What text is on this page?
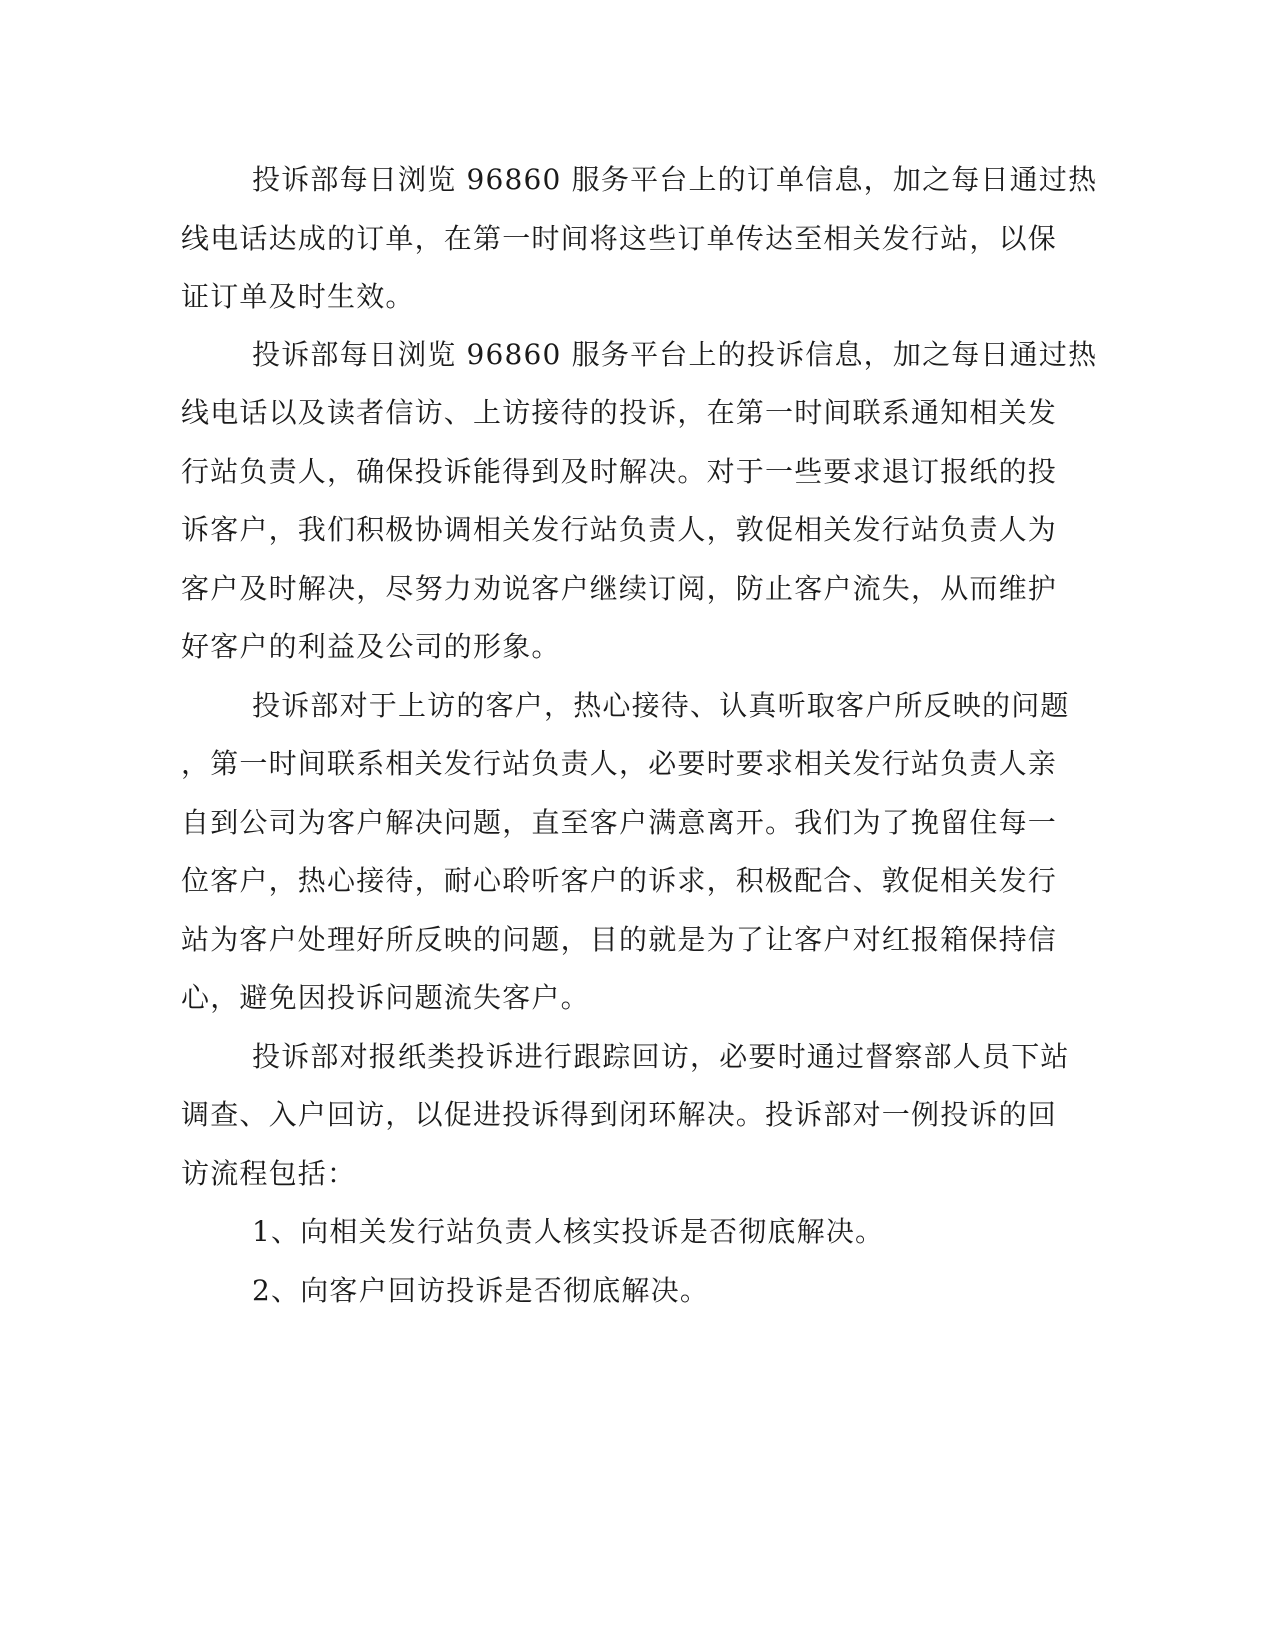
投诉部每日浏览 96860 服务平台上的订单信息，加之每日通过热

线电话达成的订单，在第一时间将这些订单传达至相关发行站，以保

证订单及时生效。

投诉部每日浏览 96860 服务平台上的投诉信息，加之每日通过热

线电话以及读者信访、上访接待的投诉，在第一时间联系通知相关发

行站负责人，确保投诉能得到及时解决。对于一些要求退订报纸的投

诉客户，我们积极协调相关发行站负责人，敦促相关发行站负责人为

客户及时解决，尽努力劝说客户继续订阅，防止客户流失，从而维护

好客户的利益及公司的形象。

投诉部对于上访的客户，热心接待、认真听取客户所反映的问题

，第一时间联系相关发行站负责人，必要时要求相关发行站负责人亲

自到公司为客户解决问题，直至客户满意离开。我们为了挽留住每一

位客户，热心接待，耐心聆听客户的诉求，积极配合、敦促相关发行

站为客户处理好所反映的问题，目的就是为了让客户对红报箱保持信

心，避免因投诉问题流失客户。

投诉部对报纸类投诉进行跟踪回访，必要时通过督察部人员下站

调查、入户回访，以促进投诉得到闭环解决。投诉部对一例投诉的回

访流程包括：

1、向相关发行站负责人核实投诉是否彻底解决。

2、向客户回访投诉是否彻底解决。
